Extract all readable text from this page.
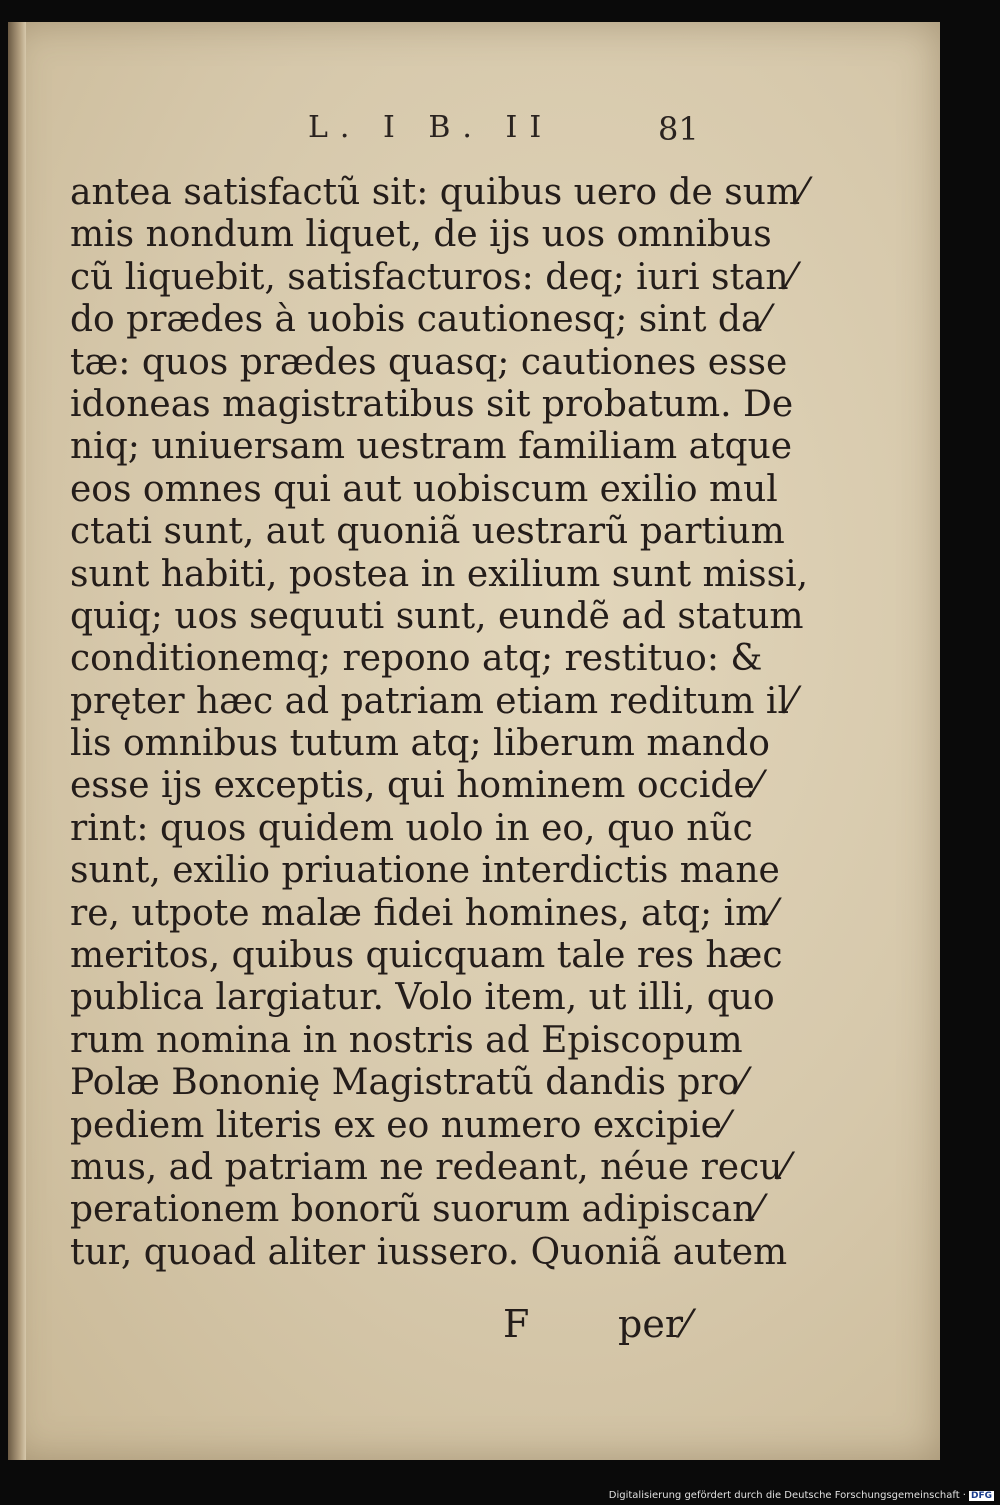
L. I B. II	81
antea satisfactũ sit: quibus uero de sum⁄
mis nondum liquet, de ijs uos omnibus
cũ liquebit, satisfacturos: deq; iuri stan⁄
do prædes à uobis cautionesq; sint da⁄
tæ: quos prædes quasq; cautiones esse
idoneas magistratibus sit probatum. De
niq; uniuersam uestram familiam atque
eos omnes qui aut uobiscum exilio mul
ctati sunt, aut quoniã uestrarũ partium
sunt habiti, postea in exilium sunt missi,
quiq; uos sequuti sunt, eundẽ ad statum
conditionemq; repono atq; restituo: &
pręter hæc ad patriam etiam reditum il⁄
lis omnibus tutum atq; liberum mando
esse ijs exceptis, qui hominem occide⁄
rint: quos quidem uolo in eo, quo nũc
sunt, exilio priuatione interdictis mane
re, utpote malæ fidei homines, atq; im⁄
meritos, quibus quicquam tale res hæc
publica largiatur. Volo item, ut illi, quo
rum nomina in nostris ad Episcopum
Polæ Bononię Magistratũ dandis pro⁄
pediem literis ex eo numero excipie⁄
mus, ad patriam ne redeant, néue recu⁄
perationem bonorũ suorum adipiscan⁄
tur, quoad aliter iussero. Quoniã autem
F per⁄
Digitalisierung gefördert durch die Deutsche Forschungsgemeinschaft · DFG
